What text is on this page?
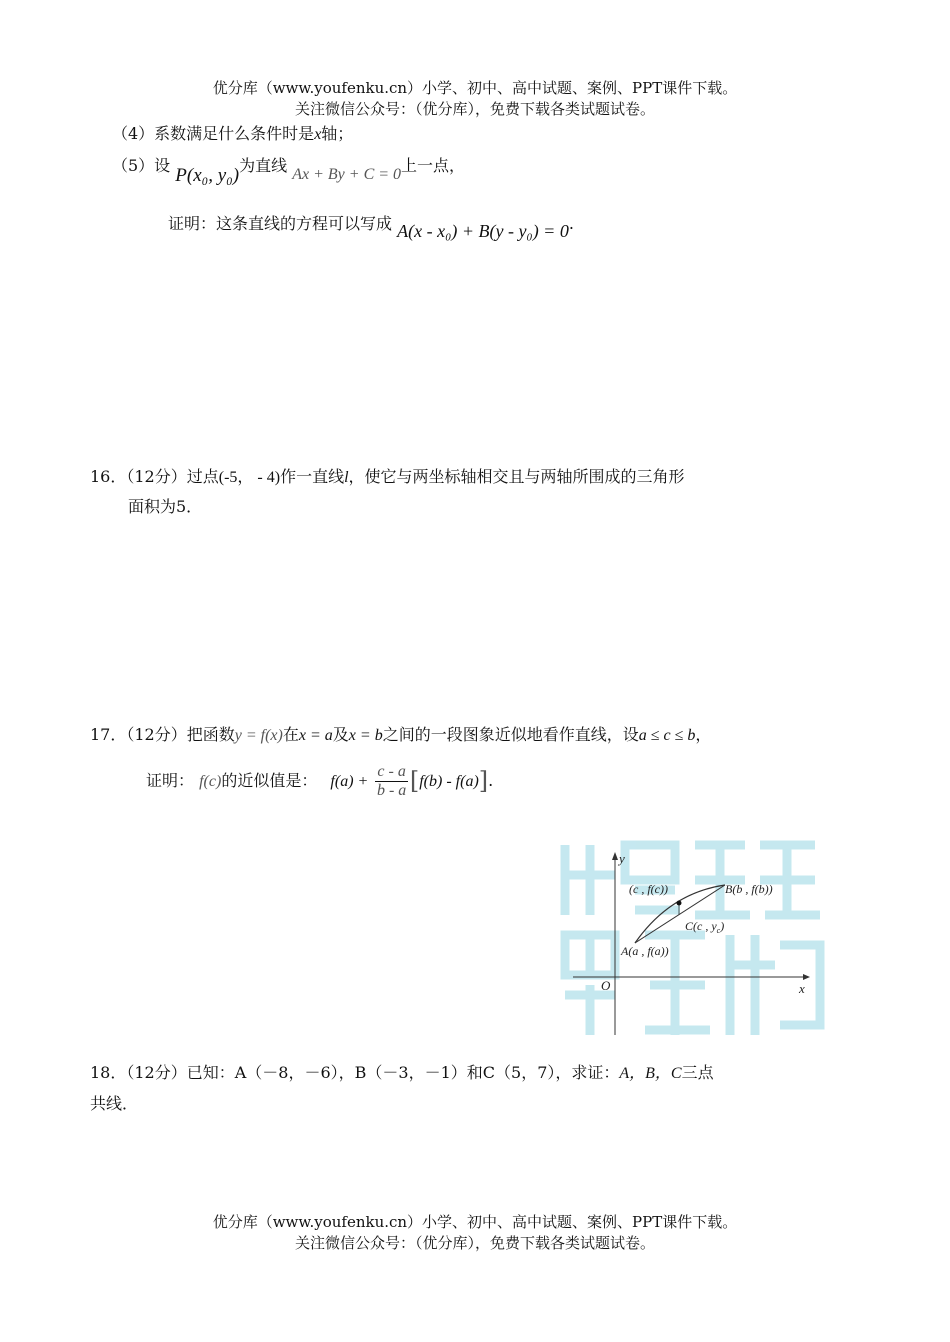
优分库（www.youfenku.cn）小学、初中、高中试题、案例、PPT课件下载。
关注微信公众号：（优分库），免费下载各类试题试卷。
（4）系数满足什么条件时是x轴；
（5）设 P(x₀, y₀)为直线 Ax + By + C = 0上一点，
证明：这条直线的方程可以写成 A(x - x₀) + B(y - y₀) = 0.
16．（12分）过点(-5， - 4)作一直线l，使它与两坐标轴相交且与两轴所围成的三角形
面积为5．
17．（12分）把函数y = f(x)在x = a及x = b之间的一段图象近似地看作直线，设a ≤ c ≤ b，
证明： f(c)的近似值是： $f(a) + \frac{c - a}{b - a} [f(b) - f(a)]$.
y
x
O
(c , f(c))	B(b , f(b))
C(c , $y_c$)
A(a , f(a))
18．（12分）已知：A（－8，－6），B（－3，－1）和C（5，7），求证：A，B，C三点
共线．
优分库（www.youfenku.cn）小学、初中、高中试题、案例、PPT课件下载。
关注微信公众号：（优分库），免费下载各类试题试卷。
